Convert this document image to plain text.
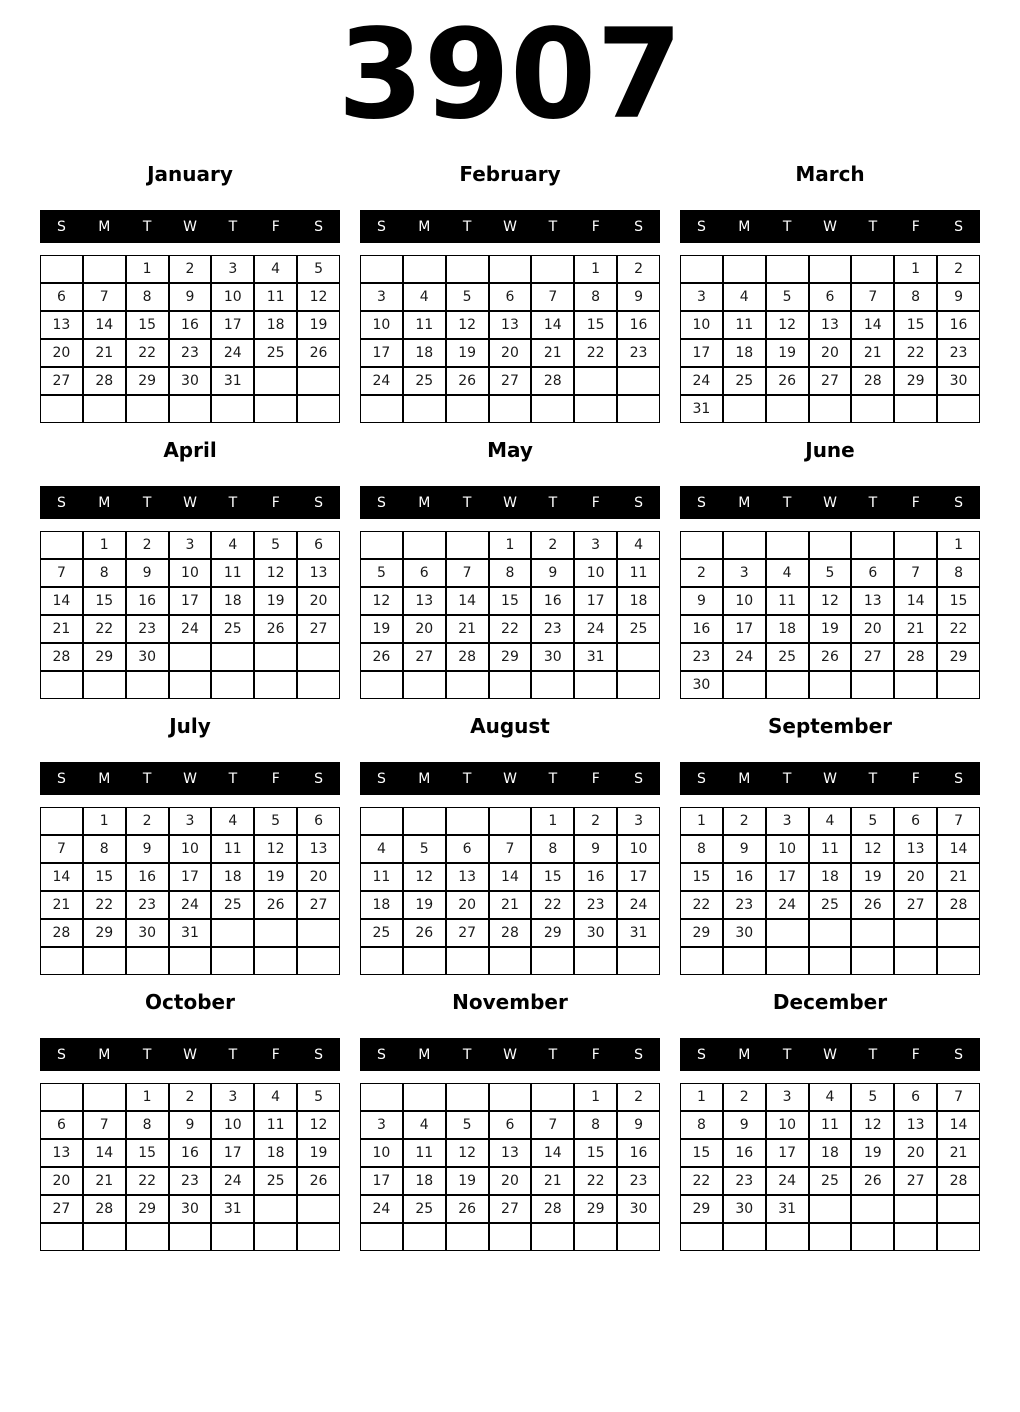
3907
January
S	M	T	W	T	F	S
		1	2	3	4	5
6	7	8	9	10	11	12
13	14	15	16	17	18	19
20	21	22	23	24	25	26
27	28	29	30	31		

February
S	M	T	W	T	F	S
					1	2
3	4	5	6	7	8	9
10	11	12	13	14	15	16
17	18	19	20	21	22	23
24	25	26	27	28		

March
S	M	T	W	T	F	S
					1	2
3	4	5	6	7	8	9
10	11	12	13	14	15	16
17	18	19	20	21	22	23
24	25	26	27	28	29	30
31						
April
S	M	T	W	T	F	S
	1	2	3	4	5	6
7	8	9	10	11	12	13
14	15	16	17	18	19	20
21	22	23	24	25	26	27
28	29	30				

May
S	M	T	W	T	F	S
			1	2	3	4
5	6	7	8	9	10	11
12	13	14	15	16	17	18
19	20	21	22	23	24	25
26	27	28	29	30	31	

June
S	M	T	W	T	F	S
						1
2	3	4	5	6	7	8
9	10	11	12	13	14	15
16	17	18	19	20	21	22
23	24	25	26	27	28	29
30						
July
S	M	T	W	T	F	S
	1	2	3	4	5	6
7	8	9	10	11	12	13
14	15	16	17	18	19	20
21	22	23	24	25	26	27
28	29	30	31			

August
S	M	T	W	T	F	S
				1	2	3
4	5	6	7	8	9	10
11	12	13	14	15	16	17
18	19	20	21	22	23	24
25	26	27	28	29	30	31

September
S	M	T	W	T	F	S
1	2	3	4	5	6	7
8	9	10	11	12	13	14
15	16	17	18	19	20	21
22	23	24	25	26	27	28
29	30					

October
S	M	T	W	T	F	S
		1	2	3	4	5
6	7	8	9	10	11	12
13	14	15	16	17	18	19
20	21	22	23	24	25	26
27	28	29	30	31		

November
S	M	T	W	T	F	S
					1	2
3	4	5	6	7	8	9
10	11	12	13	14	15	16
17	18	19	20	21	22	23
24	25	26	27	28	29	30

December
S	M	T	W	T	F	S
1	2	3	4	5	6	7
8	9	10	11	12	13	14
15	16	17	18	19	20	21
22	23	24	25	26	27	28
29	30	31				
